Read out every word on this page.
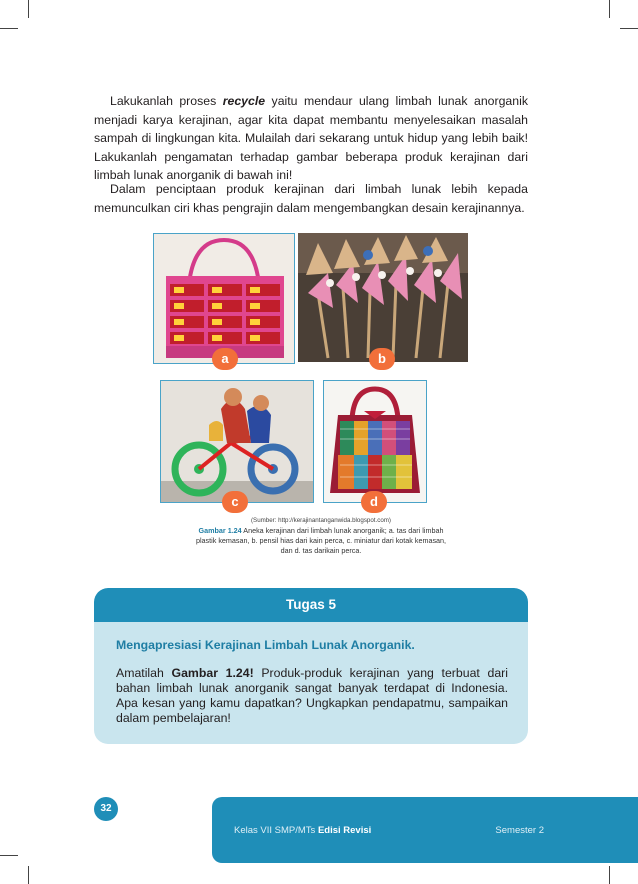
Lakukanlah proses recycle yaitu mendaur ulang limbah lunak anorganik menjadi karya kerajinan, agar kita dapat membantu menyelesaikan masalah sampah di lingkungan kita. Mulailah dari sekarang untuk hidup yang lebih baik! Lakukanlah pengamatan terhadap gambar beberapa produk kerajinan dari limbah lunak anorganik di bawah ini!

Dalam penciptaan produk kerajinan dari limbah lunak lebih kepada memunculkan ciri khas pengrajin dalam mengembangkan desain kerajinannya.

a	b
c	d
(Sumber: http://kerajinantanganwida.blogspot.com)
Gambar 1.24 Aneka kerajinan dari limbah lunak anorganik; a. tas dari limbah plastik kemasan, b. pensil hias dari kain perca, c. miniatur dari kotak kemasan, dan d. tas darikain perca.
Tugas 5
Mengapresiasi Kerajinan Limbah Lunak Anorganik.

Amatilah Gambar 1.24! Produk-produk kerajinan yang terbuat dari bahan limbah lunak anorganik sangat banyak terdapat di Indonesia. Apa kesan yang kamu dapatkan? Ungkapkan pendapatmu, sampaikan dalam pembelajaran!

32
Kelas VII SMP/MTs Edisi Revisi	Semester 2
